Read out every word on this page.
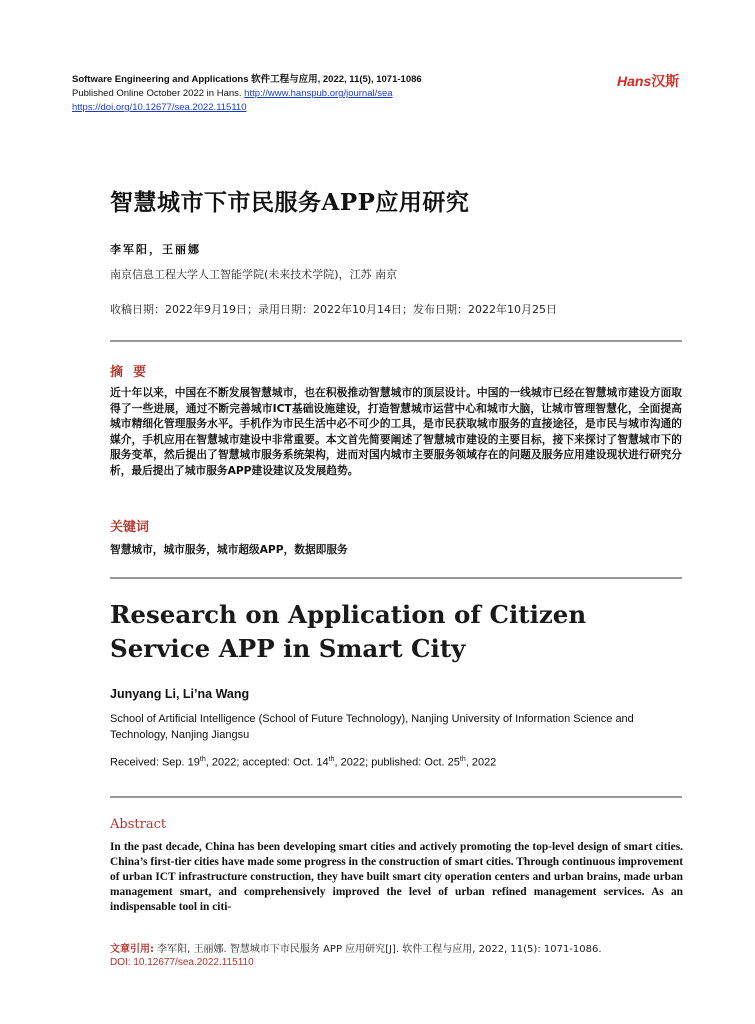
Software Engineering and Applications 软件工程与应用, 2022, 11(5), 1071-1086
Published Online October 2022 in Hans. http://www.hanspub.org/journal/sea
https://doi.org/10.12677/sea.2022.115110
Hans汉斯
智慧城市下市民服务APP应用研究
李军阳，王丽娜
南京信息工程大学人工智能学院(未来技术学院)，江苏 南京
收稿日期：2022年9月19日；录用日期：2022年10月14日；发布日期：2022年10月25日
摘要
近十年以来，中国在不断发展智慧城市，也在积极推动智慧城市的顶层设计。中国的一线城市已经在智慧城市建设方面取得了一些进展，通过不断完善城市ICT基础设施建设，打造智慧城市运营中心和城市大脑，让城市管理智慧化，全面提高城市精细化管理服务水平。手机作为市民生活中必不可少的工具，是市民获取城市服务的直接途径，是市民与城市沟通的媒介，手机应用在智慧城市建设中非常重要。本文首先简要阐述了智慧城市建设的主要目标，接下来探讨了智慧城市下的服务变革，然后提出了智慧城市服务系统架构，进而对国内城市主要服务领域存在的问题及服务应用建设现状进行研究分析，最后提出了城市服务APP建设建议及发展趋势。
关键词
智慧城市，城市服务，城市超级APP，数据即服务
Research on Application of Citizen Service APP in Smart City
Junyang Li, Li’na Wang
School of Artificial Intelligence (School of Future Technology), Nanjing University of Information Science and Technology, Nanjing Jiangsu
Received: Sep. 19th, 2022; accepted: Oct. 14th, 2022; published: Oct. 25th, 2022
Abstract
In the past decade, China has been developing smart cities and actively promoting the top-level design of smart cities. China’s first-tier cities have made some progress in the construction of smart cities. Through continuous improvement of urban ICT infrastructure construction, they have built smart city operation centers and urban brains, made urban management smart, and comprehensively improved the level of urban refined management services. As an indispensable tool in citi-
文章引用: 李军阳, 王丽娜. 智慧城市下市民服务 APP 应用研究[J]. 软件工程与应用, 2022, 11(5): 1071-1086.
DOI: 10.12677/sea.2022.115110
